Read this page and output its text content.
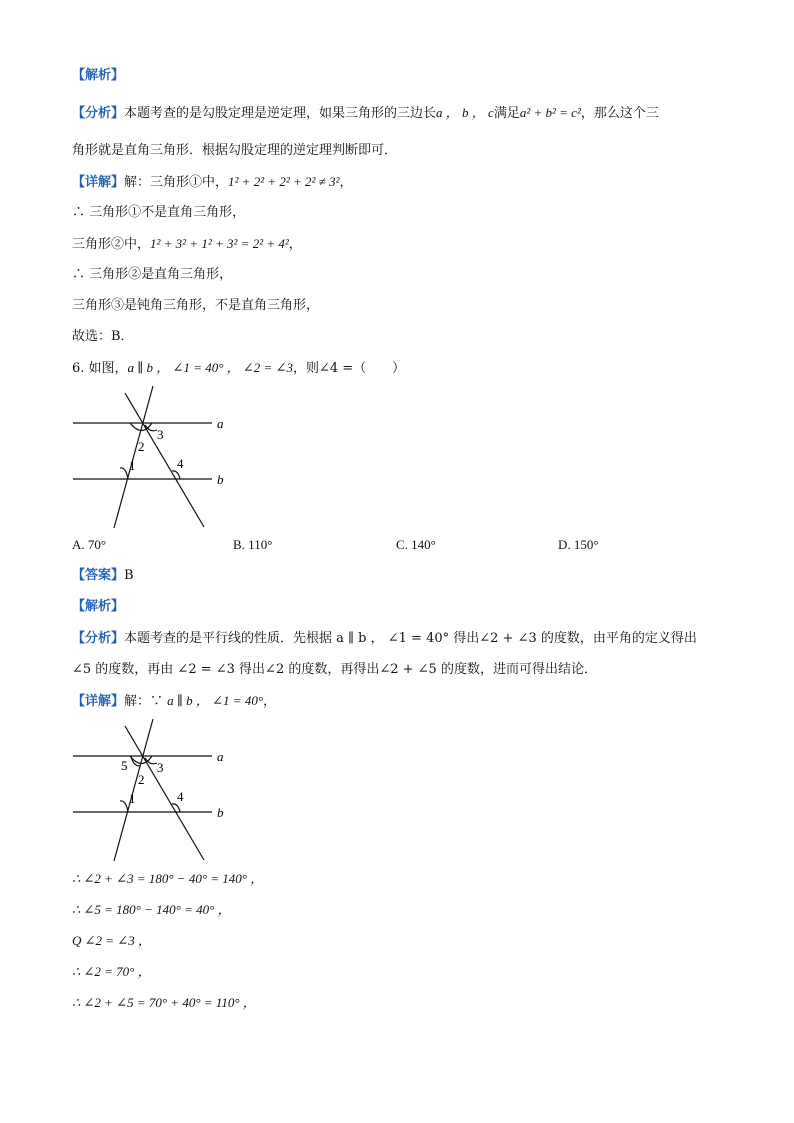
【解析】
【分析】本题考查的是勾股定理是逆定理，如果三角形的三边长a ， b ， c满足a² + b² = c²，那么这个三
角形就是直角三角形．根据勾股定理的逆定理判断即可．
【详解】解：三角形①中，1² + 2² + 2² + 2² ≠ 3²，
∴ 三角形①不是直角三角形，
三角形②中，1² + 3² + 1² + 3² = 2² + 4²，
∴ 三角形②是直角三角形，
三角形③是钝角三角形，不是直角三角形，
故选：B．
6. 如图，a ∥ b ， ∠1 = 40° ， ∠2 = ∠3，则∠4 =（　　）
a
b
1
2
3
4
A. 70°	B. 110°	C. 140°	D. 150°
【答案】B
【解析】
【分析】本题考查的是平行线的性质．先根据 a ∥ b ， ∠1 = 40° 得出∠2 + ∠3 的度数，由平角的定义得出
∠5 的度数，再由 ∠2 = ∠3 得出∠2 的度数，再得出∠2 + ∠5 的度数，进而可得出结论．
【详解】解：∵ a ∥ b ， ∠1 = 40°，
a
b
1
2
3
4
5
∴ ∠2 + ∠3 = 180° − 40° = 140° ，
∴ ∠5 = 180° − 140° = 40° ，
Q ∠2 = ∠3 ，
∴ ∠2 = 70° ，
∴ ∠2 + ∠5 = 70° + 40° = 110° ，
